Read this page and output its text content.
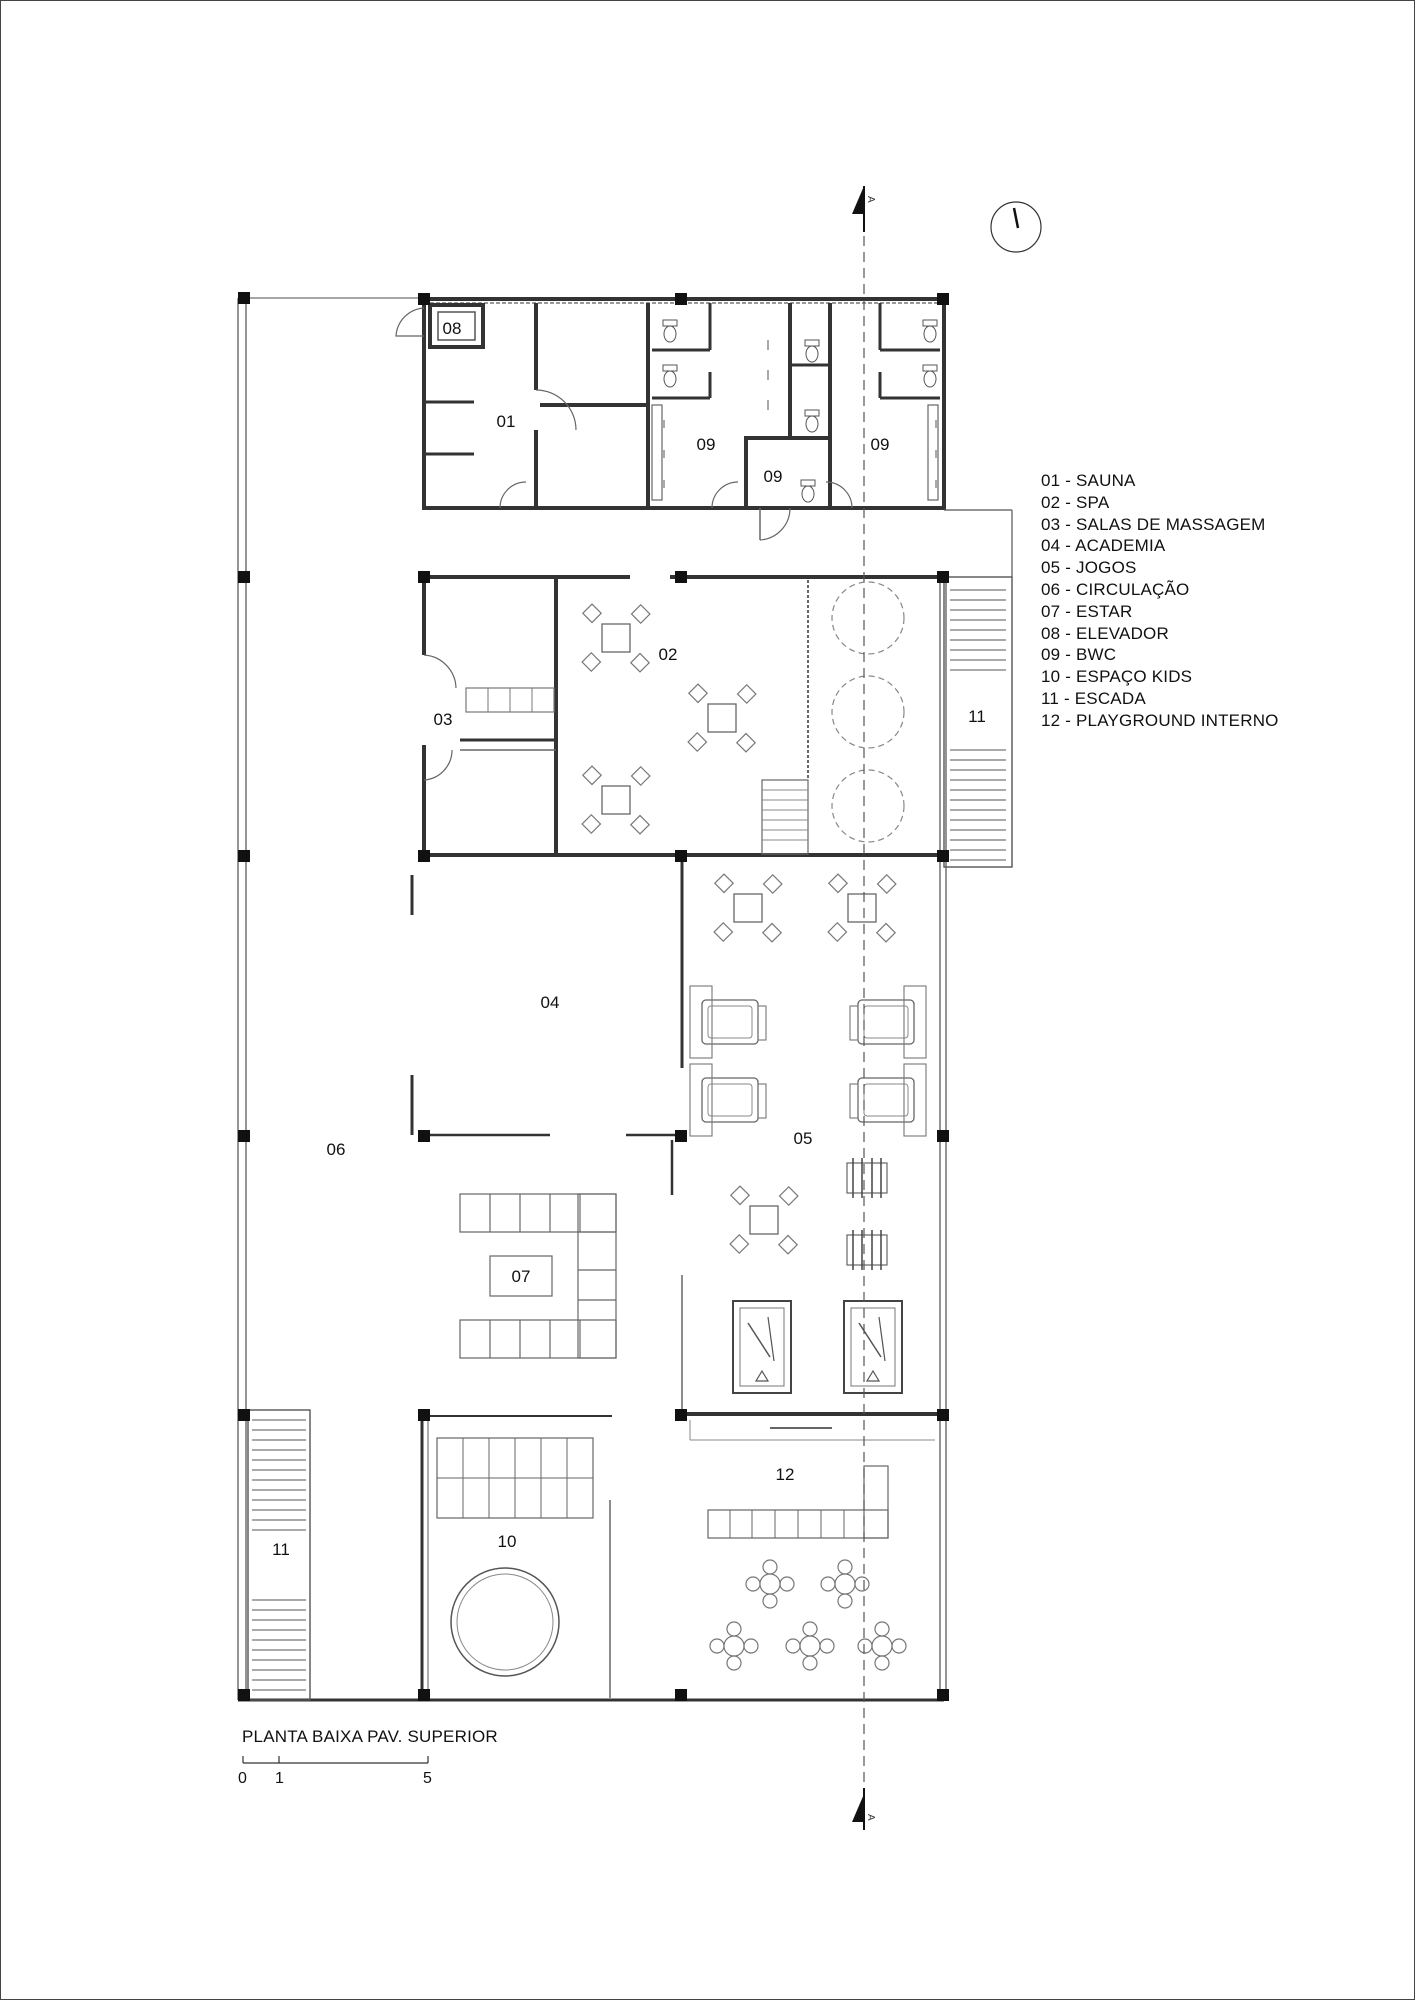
A
A
01
08
09
09
09
02
03	11
04
05
06
07
12
10
11
01 - SAUNA
02 - SPA
03 - SALAS DE MASSAGEM
04 - ACADEMIA
05 - JOGOS
06 - CIRCULAÇÃO
07 - ESTAR
08 - ELEVADOR
09 - BWC
10 - ESPAÇO KIDS
11 - ESCADA
12 - PLAYGROUND INTERNO
PLANTA BAIXA PAV. SUPERIOR
0 1	5
